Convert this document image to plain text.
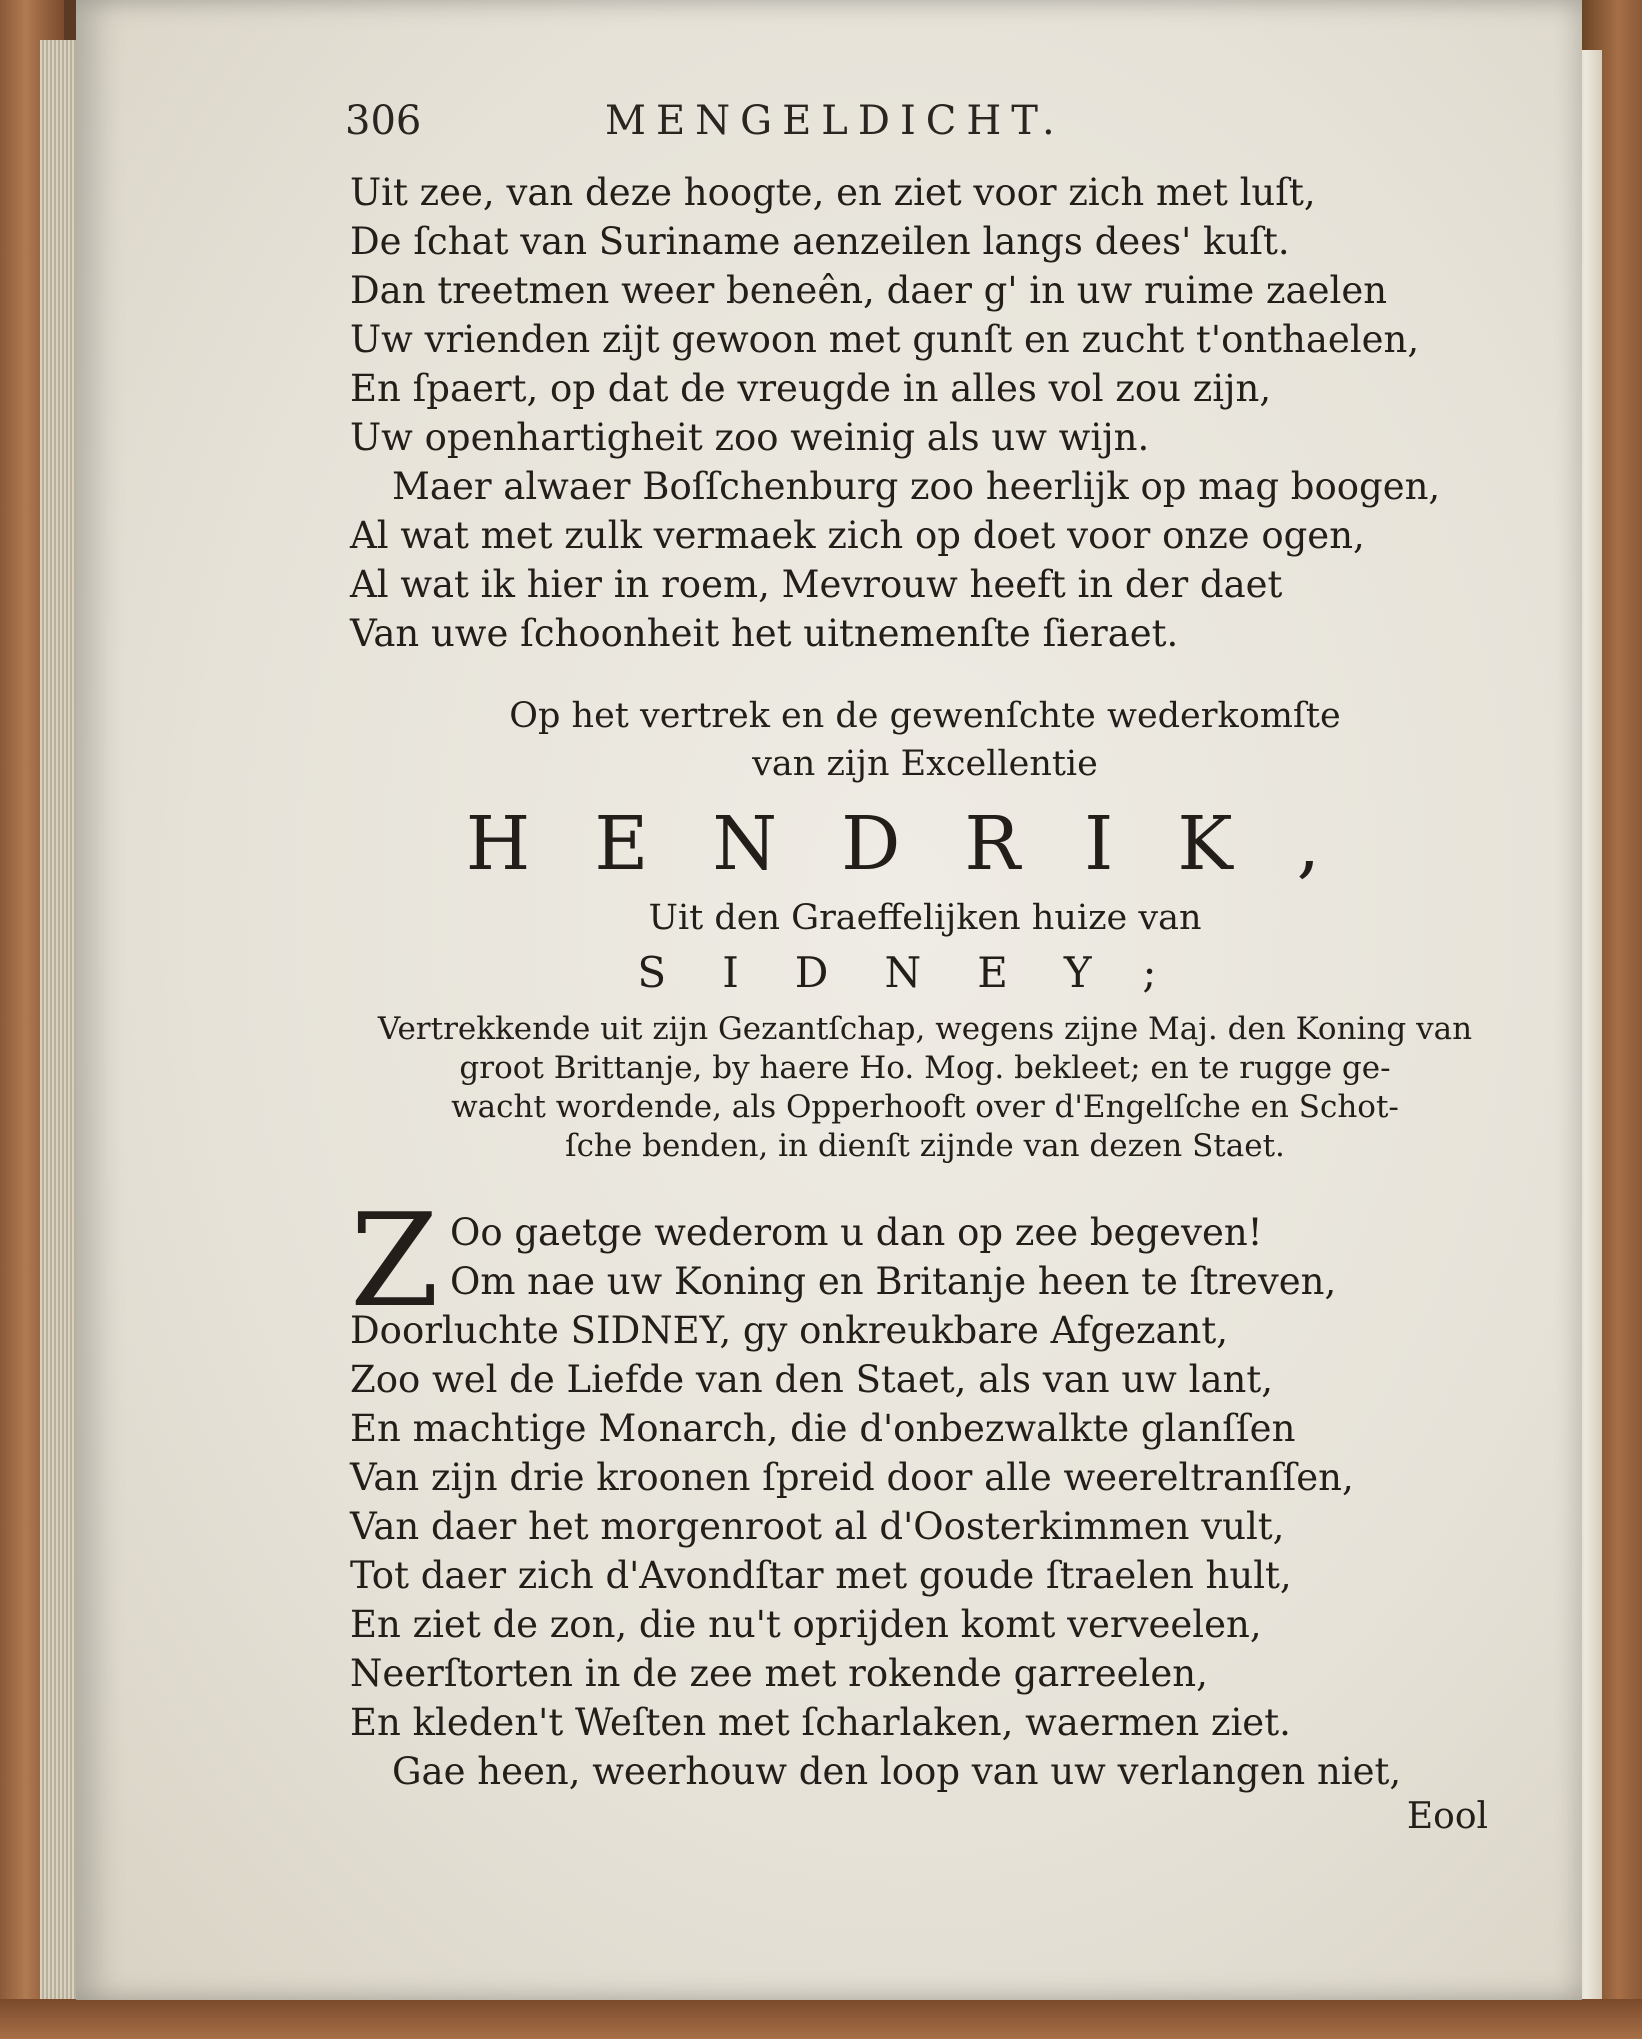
306	MENGELDICHT.
Uit zee, van deze hoogte, en ziet voor zich met luſt,
De ſchat van Suriname aenzeilen langs dees' kuſt.
Dan treetmen weer beneên, daer g' in uw ruime zaelen
Uw vrienden zijt gewoon met gunſt en zucht t'onthaelen,
En ſpaert, op dat de vreugde in alles vol zou zijn,
Uw openhartigheit zoo weinig als uw wijn.
Maer alwaer Boſſchenburg zoo heerlijk op mag boogen,
Al wat met zulk vermaek zich op doet voor onze ogen,
Al wat ik hier in roem, Mevrouw heeft in der daet
Van uwe ſchoonheit het uitnemenſte ſieraet.
Op het vertrek en de gewenſchte wederkomſte
van zijn Excellentie
HENDRIK,
Uit den Graeffelijken huize van
SIDNEY;
Vertrekkende uit zijn Gezantſchap, wegens zijne Maj. den Koning van
groot Brittanje, by haere Ho. Mog. bekleet; en te rugge ge-
wacht wordende, als Opperhooft over d'Engelſche en Schot-
ſche benden, in dienſt zijnde van dezen Staet.
Z Oo gaetge wederom u dan op zee begeven!
Om nae uw Koning en Britanje heen te ſtreven,
Doorluchte SIDNEY, gy onkreukbare Afgezant,
Zoo wel de Liefde van den Staet, als van uw lant,
En machtige Monarch, die d'onbezwalkte glanſſen
Van zijn drie kroonen ſpreid door alle weereltranſſen,
Van daer het morgenroot al d'Oosterkimmen vult,
Tot daer zich d'Avondſtar met goude ſtraelen hult,
En ziet de zon, die nu't oprijden komt verveelen,
Neerſtorten in de zee met rokende garreelen,
En kleden't Weſten met ſcharlaken, waermen ziet.
Gae heen, weerhouw den loop van uw verlangen niet,
Eool
